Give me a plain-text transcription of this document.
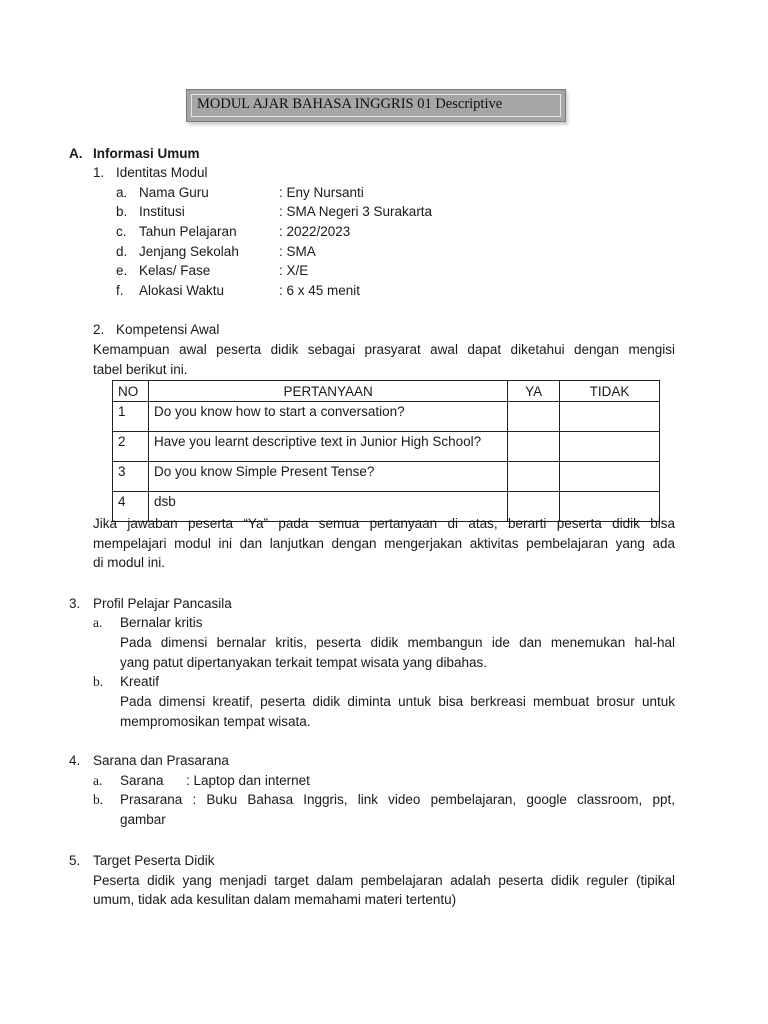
MODUL AJAR BAHASA INGGRIS 01 Descriptive
A. Informasi Umum
1. Identitas Modul
a. Nama Guru	: Eny Nursanti
b. Institusi	: SMA Negeri 3 Surakarta
c. Tahun Pelajaran	: 2022/2023
d. Jenjang Sekolah	: SMA
e. Kelas/ Fase	: X/E
f. Alokasi Waktu	: 6 x 45 menit
2. Kompetensi Awal
Kemampuan awal peserta didik sebagai prasyarat awal dapat diketahui dengan mengisi
tabel berikut ini.
NO	PERTANYAAN	YA	TIDAK
1	Do you know how to start a conversation?		
2	Have you learnt descriptive text in Junior High School?		
3	Do you know Simple Present Tense?		
4	dsb		
Jika jawaban peserta “Ya” pada semua pertanyaan di atas, berarti peserta didik bisa
mempelajari modul ini dan lanjutkan dengan mengerjakan aktivitas pembelajaran yang ada
di modul ini.
3. Profil Pelajar Pancasila
a. Bernalar kritis
Pada dimensi bernalar kritis, peserta didik membangun ide dan menemukan hal-hal
yang patut dipertanyakan terkait tempat wisata yang dibahas.
b. Kreatif
Pada dimensi kreatif, peserta didik diminta untuk bisa berkreasi membuat brosur untuk
mempromosikan tempat wisata.
4. Sarana dan Prasarana
a. Sarana : Laptop dan internet
b. Prasarana : Buku Bahasa Inggris, link video pembelajaran, google classroom, ppt,
gambar
5. Target Peserta Didik
Peserta didik yang menjadi target dalam pembelajaran adalah peserta didik reguler (tipikal
umum, tidak ada kesulitan dalam memahami materi tertentu)
